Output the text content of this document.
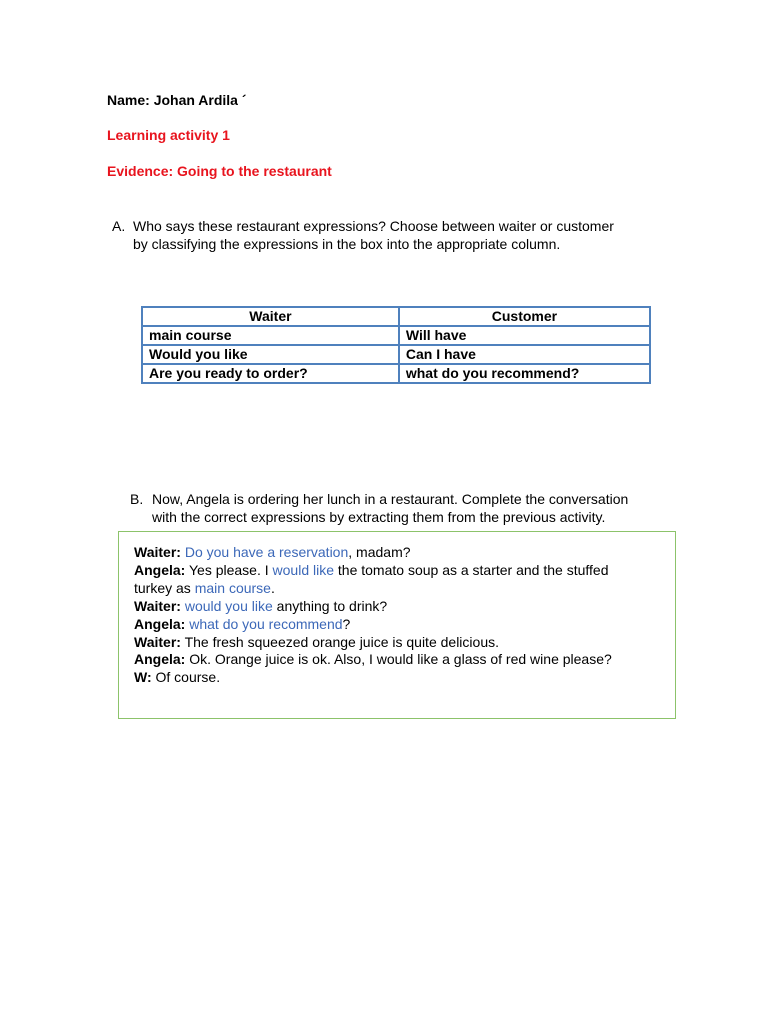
Name: Johan Ardila ´
Learning activity 1
Evidence: Going to the restaurant
A. Who says these restaurant expressions? Choose between waiter or customer
by classifying the expressions in the box into the appropriate column.
Waiter	Customer
main course	Will have
Would you like	Can I have
Are you ready to order?	what do you recommend?
B. Now, Angela is ordering her lunch in a restaurant. Complete the conversation
with the correct expressions by extracting them from the previous activity.
Waiter: Do you have a reservation, madam?
Angela: Yes please. I would like the tomato soup as a starter and the stuffed
turkey as main course.
Waiter: would you like anything to drink?
Angela: what do you recommend?
Waiter: The fresh squeezed orange juice is quite delicious.
Angela: Ok. Orange juice is ok. Also, I would like a glass of red wine please?
W: Of course.
